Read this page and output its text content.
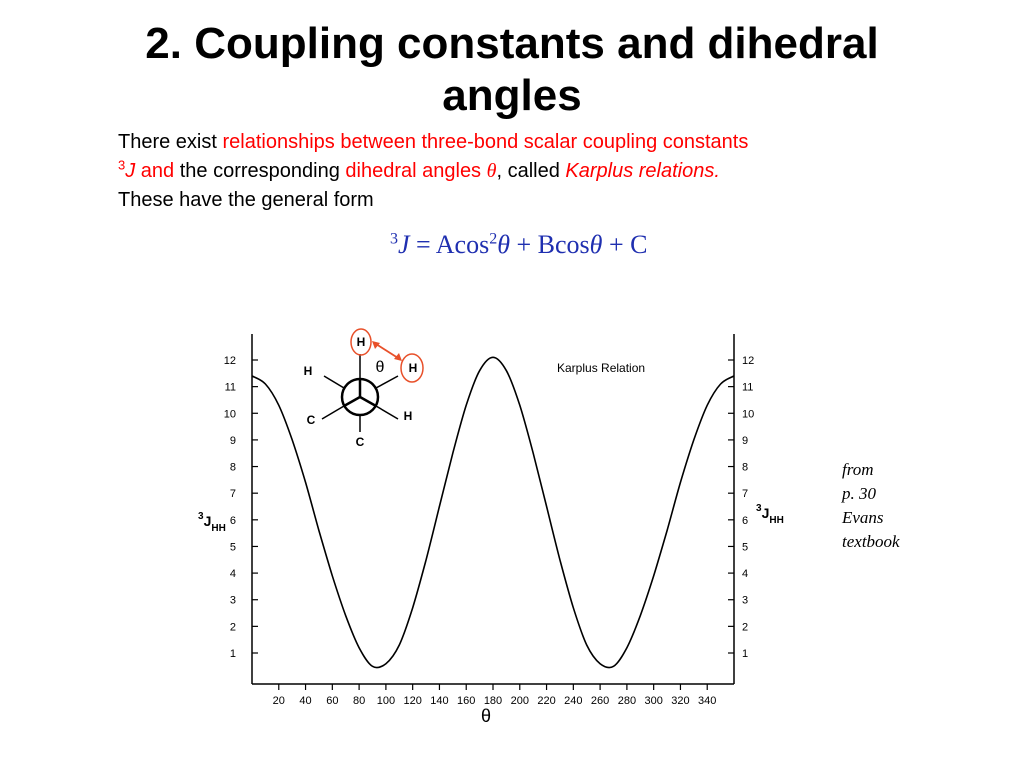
2. Coupling constants and dihedral
angles
There exist relationships between three-bond scalar coupling constants
$^3$J and the corresponding dihedral angles θ, called Karplus relations.
These have the general form
$^3$J = Acos$^2$θ + Bcosθ + C
1	1
2	2
3	3
4	4
5	5
6	6
7	7
8	8
9	9
10	10
11	11
12	12
20 40 60 80 100 120 140 160 180 200 220 240 260 280 300 320 340
Karplus Relation
$^3J_{HH}$
$^3J_{HH}$
θ
H
C	H
H	H
C
θ
from
p. 30
Evans
textbook
